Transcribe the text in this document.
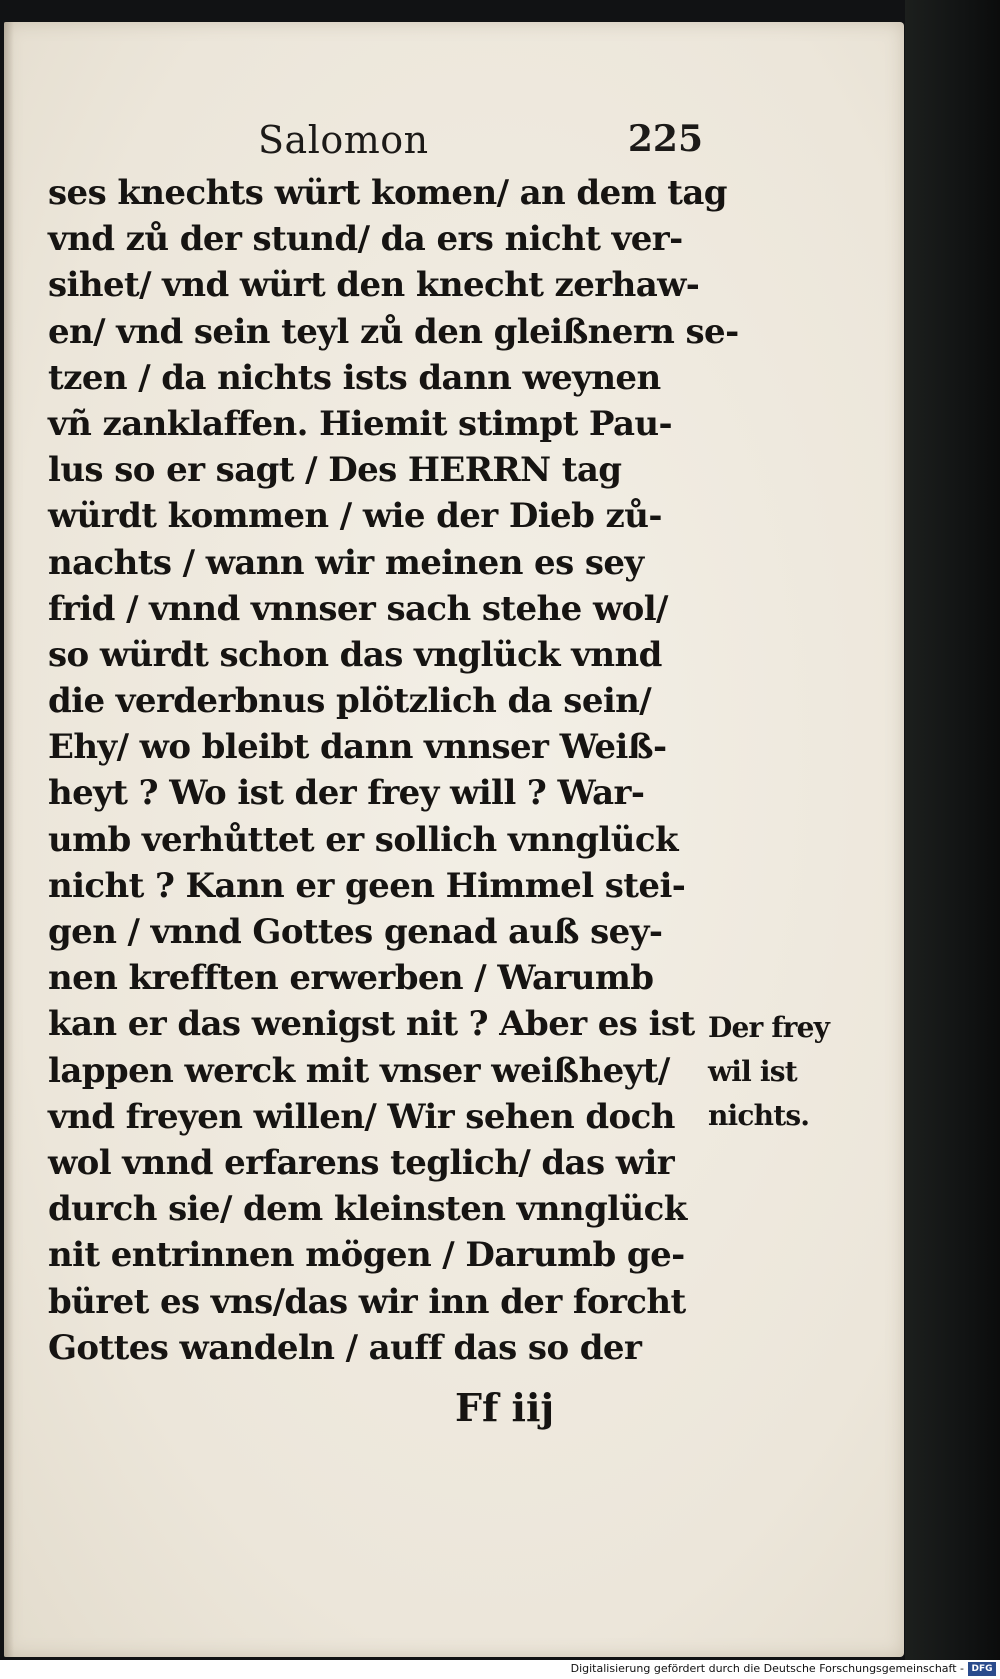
Salomon	225
ses knechts würt komen/ an dem tag
vnd zů der stund/ da ers nicht ver-
sihet/ vnd würt den knecht zerhaw-
en/ vnd sein teyl zů den gleißnern se-
tzen / da nichts ists dann weynen
vñ zanklaffen. Hiemit stimpt Pau-
lus so er sagt / Des HERRN tag
würdt kommen / wie der Dieb zů-
nachts / wann wir meinen es sey
frid / vnnd vnnser sach stehe wol/
so würdt schon das vnglück vnnd
die verderbnus plötzlich da sein/
Ehy/ wo bleibt dann vnnser Weiß-
heyt ? Wo ist der frey will ? War-
umb verhůttet er sollich vnnglück
nicht ? Kann er geen Himmel stei-
gen / vnnd Gottes genad auß sey-
nen krefften erwerben / Warumb
kan er das wenigst nit ? Aber es ist
lappen werck mit vnser weißheyt/
vnd freyen willen/ Wir sehen doch
wol vnnd erfarens teglich/ das wir
durch sie/ dem kleinsten vnnglück
nit entrinnen mögen / Darumb ge-
büret es vns/das wir inn der forcht
Gottes wandeln / auff das so der
Der frey
wil ist
nichts.
Ff iij
Digitalisierung gefördert durch die Deutsche Forschungsgemeinschaft - DFG
